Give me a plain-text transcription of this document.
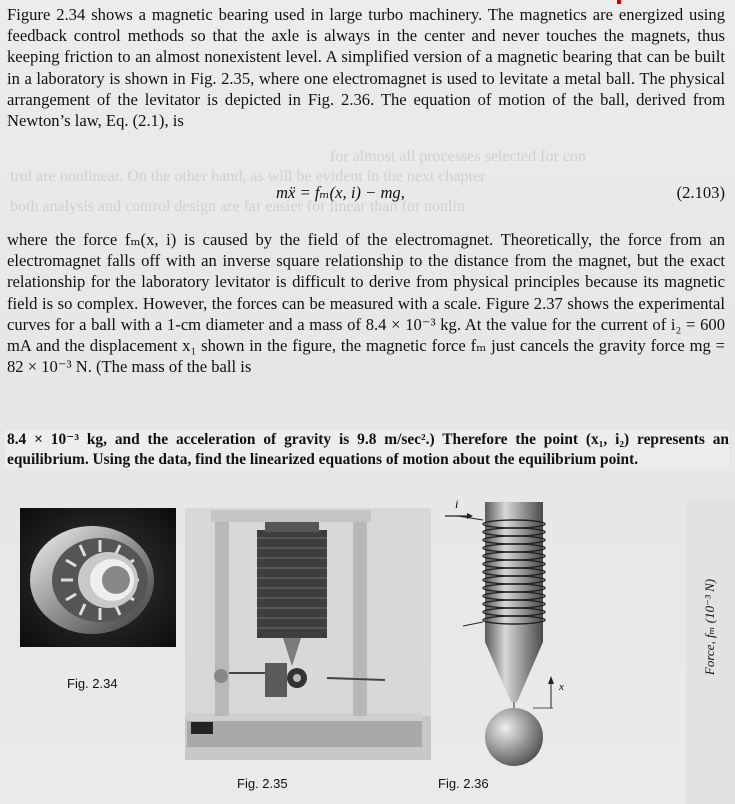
for almost all processes selected for con
trol are nonlinear. On the other hand, as will be evident in the next chapter
both analysis and control design are far easier for linear than for nonlin

Figure 2.34 shows a magnetic bearing used in large turbo machinery. The magnetics are energized using feedback control methods so that the axle is always in the center and never touches the magnets, thus keeping friction to an almost nonexistent level. A simplified version of a magnetic bearing that can be built in a laboratory is shown in Fig. 2.35, where one electromagnet is used to levitate a metal ball. The physical arrangement of the levitator is depicted in Fig. 2.36. The equation of motion of the ball, derived from Newton’s law, Eq. (2.1), is

mẍ = fₘ(x, i) − mg,	(2.103)

where the force fₘ(x, i) is caused by the field of the electromagnet. Theoretically, the force from an electromagnet falls off with an inverse square relationship to the distance from the magnet, but the exact relationship for the laboratory levitator is difficult to derive from physical principles because its magnetic field is so complex. However, the forces can be measured with a scale. Figure 2.37 shows the experimental curves for a ball with a 1-cm diameter and a mass of 8.4 × 10⁻³ kg. At the value for the current of i₂ = 600 mA and the displacement x₁ shown in the figure, the magnetic force fₘ just cancels the gravity force mg = 82 × 10⁻³ N. (The mass of the ball is

8.4 × 10⁻³ kg, and the acceleration of gravity is 9.8 m/sec².) Therefore the point (x₁, i₂) represents an equilibrium. Using the data, find the linearized equations of motion about the equilibrium point.

Fig. 2.34
Fig. 2.35
i
x
Fig. 2.36
Force, fₘ (10⁻³ N)
